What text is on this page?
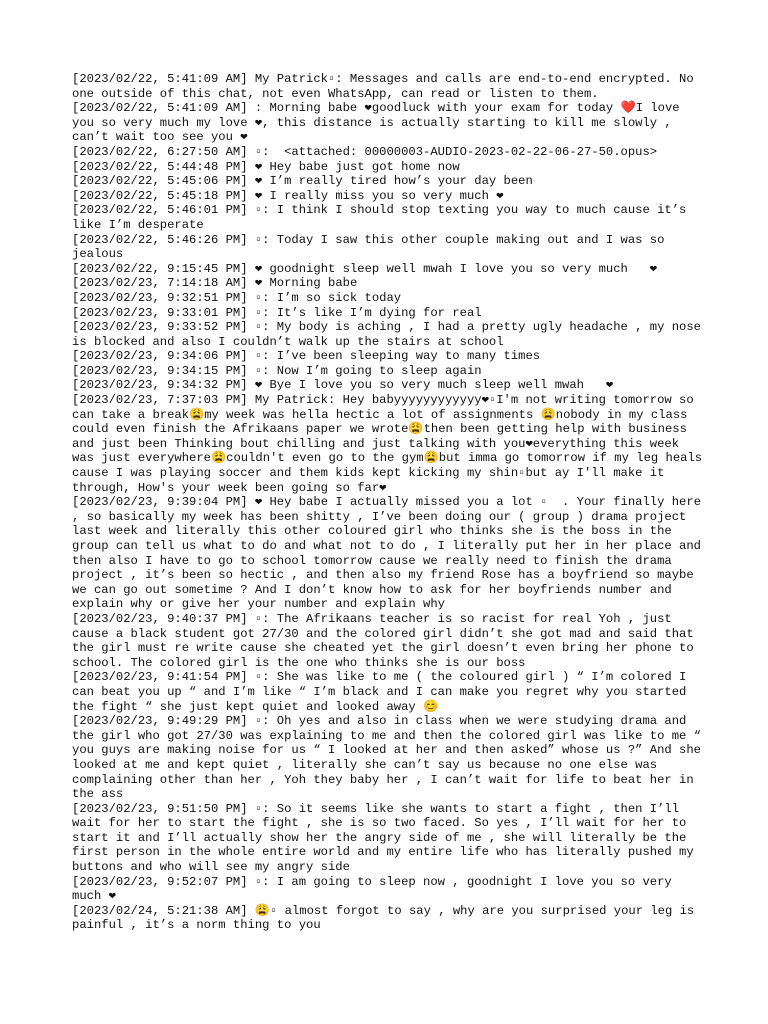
[2023/02/22, 5:41:09 AM] My Patrick▫: Messages and calls are end-to-end encrypted. No one outside of this chat, not even WhatsApp, can read or listen to them.

[2023/02/22, 5:41:09 AM] : Morning babe ❤goodluck with your exam for today ❤️I love you so very much my love ❤, this distance is actually starting to kill me slowly , can’t wait too see you ❤

[2023/02/22, 6:27:50 AM] ▫:  <attached: 00000003-AUDIO-2023-02-22-06-27-50.opus>

[2023/02/22, 5:44:48 PM] ❤ Hey babe just got home now

[2023/02/22, 5:45:06 PM] ❤ I’m really tired how’s your day been

[2023/02/22, 5:45:18 PM] ❤ I really miss you so very much ❤

[2023/02/22, 5:46:01 PM] ▫: I think I should stop texting you way to much cause it’s like I’m desperate

[2023/02/22, 5:46:26 PM] ▫: Today I saw this other couple making out and I was so jealous

[2023/02/22, 9:15:45 PM] ❤ goodnight sleep well mwah I love you so very much   ❤

[2023/02/23, 7:14:18 AM] ❤ Morning babe

[2023/02/23, 9:32:51 PM] ▫: I’m so sick today

[2023/02/23, 9:33:01 PM] ▫: It’s like I’m dying for real

[2023/02/23, 9:33:52 PM] ▫: My body is aching , I had a pretty ugly headache , my nose is blocked and also I couldn’t walk up the stairs at school

[2023/02/23, 9:34:06 PM] ▫: I’ve been sleeping way to many times

[2023/02/23, 9:34:15 PM] ▫: Now I’m going to sleep again

[2023/02/23, 9:34:32 PM] ❤ Bye I love you so very much sleep well mwah   ❤

[2023/02/23, 7:37:03 PM] My Patrick: Hey babyyyyyyyyyyyy❤▫I'm not writing tomorrow so can take a break😩my week was hella hectic a lot of assignments 😩nobody in my class could even finish the Afrikaans paper we wrote😩then been getting help with business and just been Thinking bout chilling and just talking with you❤everything this week was just everywhere😩couldn't even go to the gym😩but imma go tomorrow if my leg heals cause I was playing soccer and them kids kept kicking my shin▫but ay I'll make it through, How's your week been going so far❤

[2023/02/23, 9:39:04 PM] ❤ Hey babe I actually missed you a lot ▫  . Your finally here , so basically my week has been shitty , I’ve been doing our ( group ) drama project last week and literally this other coloured girl who thinks she is the boss in the group can tell us what to do and what not to do , I literally put her in her place and then also I have to go to school tomorrow cause we really need to finish the drama project , it’s been so hectic , and then also my friend Rose has a boyfriend so maybe we can go out sometime ? And I don’t know how to ask for her boyfriends number and explain why or give her your number and explain why

[2023/02/23, 9:40:37 PM] ▫: The Afrikaans teacher is so racist for real Yoh , just cause a black student got 27/30 and the colored girl didn’t she got mad and said that the girl must re write cause she cheated yet the girl doesn’t even bring her phone to school. The colored girl is the one who thinks she is our boss

[2023/02/23, 9:41:54 PM] ▫: She was like to me ( the coloured girl ) “ I’m colored I can beat you up “ and I’m like “ I’m black and I can make you regret why you started the fight “ she just kept quiet and looked away 😊

[2023/02/23, 9:49:29 PM] ▫: Oh yes and also in class when we were studying drama and the girl who got 27/30 was explaining to me and then the colored girl was like to me “ you guys are making noise for us “ I looked at her and then asked” whose us ?” And she looked at me and kept quiet , literally she can’t say us because no one else was complaining other than her , Yoh they baby her , I can’t wait for life to beat her in the ass

[2023/02/23, 9:51:50 PM] ▫: So it seems like she wants to start a fight , then I’ll wait for her to start the fight , she is so two faced. So yes , I’ll wait for her to start it and I’ll actually show her the angry side of me , she will literally be the first person in the whole entire world and my entire life who has literally pushed my buttons and who will see my angry side

[2023/02/23, 9:52:07 PM] ▫: I am going to sleep now , goodnight I love you so very much ❤

[2023/02/24, 5:21:38 AM] 😩▫ almost forgot to say , why are you surprised your leg is painful , it’s a norm thing to you
